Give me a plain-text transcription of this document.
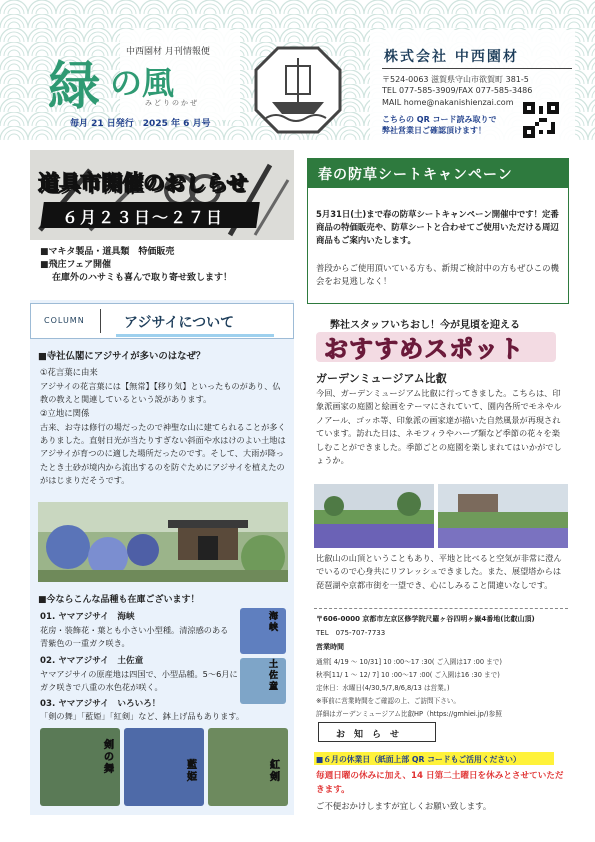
中西園材 月刊情報便
緑 の風
みどりのかぜ
毎月 21 日発行　2025 年 6 月号
株式会社 中西園材
〒524-0063 滋賀県守山市欲賀町 381-5
TEL 077-585-3909/FAX 077-585-3486
MAIL home@nakanishienzai.com
こちらの QR コード読み取りで
弊社営業日ご確認頂けます！
道具市開催のおしらせ
６月２３日～２７日
■マキタ製品・道具類　特価販売
■飛庄フェア開催
在庫外のハサミも喜んで取り寄せ致します！
春の防草シートキャンペーン
5月31日(土)まで春の防草シートキャンペーン開催中です！定番商品の特価販売や、防草シートと合わせてご使用いただける周辺商品もご案内いたします。
普段からご使用頂いている方も、新規ご検討中の方もぜひこの機会をお見逃しなく！
COLUMN	アジサイについて
■寺社仏閣にアジサイが多いのはなぜ？
①花言葉に由来
アジサイの花言葉には【無常】【移り気】といったものがあり、仏教の教えと関連しているという説があります。
②立地に関係
古来、お寺は修行の場だったので神聖な山に建てられることが多くありました。直射日光が当たりすぎない斜面や水はけのよい土地はアジサイが育つのに適した場所だったのです。そして、大雨が降ったとき土砂が境内から流出するのを防ぐためにアジサイを植えたのがはじまりだそうです。
■今ならこんな品種も在庫ございます！
01. ヤマアジサイ　海峡
花房・装飾花・葉とも小さい小型種。清涼感のある青紫色の一重ガク咲き。
海峡
02. ヤマアジサイ　土佐童
ヤマアジサイの原産地は四国で、小型品種。5～6月にガク咲きで八重の水色花が咲く。
土佐童
03. ヤマアジサイ　いろいろ！
「剣の舞」「藍姫」「紅剣」など、鉢上げ品もあります。
剣の舞	藍姫
紅剣
弊社スタッフいちおし！今が見頃を迎える
おすすめスポット
ガーデンミュージアム比叡
今回、ガーデンミュージアム比叡に行ってきました。こちらは、印象派画家の庭園と絵画をテーマにされていて、園内各所でモネやルノアール、ゴッホ等、印象派の画家達が描いた自然風景が再現されています。訪れた日は、ネモフィラやハーブ類など季節の花々を楽しむことができました。季節ごとの庭園を楽しまれてはいかがでしょうか。
比叡山の山頂ということもあり、平地と比べると空気が非常に澄んでいるので心身共にリフレッシュできました。また、展望塔からは琵琶湖や京都市街を一望でき、心にしみること間違いなしです。
〒606-0000 京都市左京区修学院尺羅ヶ谷四明ヶ嶽4番地(比叡山頂)
TEL　075-707-7733
営業時間
通常[ 4/19 ～ 10/31] 10 :00～17 :30( ご入園は17 :00 まで)
秋季[11/ 1 ～ 12/ 7] 10 :00～17 :00( ご入園は16 :30 まで)
定休日：水曜日(4/30,5/7,8/6,8/13 は営業。)
※事前に営業時間をご確認の上、ご訪問下さい。
詳細はガーデンミュージアム比叡HP（https://gmhiei.jp/)参照
お　知　ら　せ
■６月の休業日（紙面上部 QR コードもご活用ください）
毎週日曜の休みに加え、14 日第二土曜日を休みとさせていただきます。
ご不便おかけしますが宜しくお願い致します。
